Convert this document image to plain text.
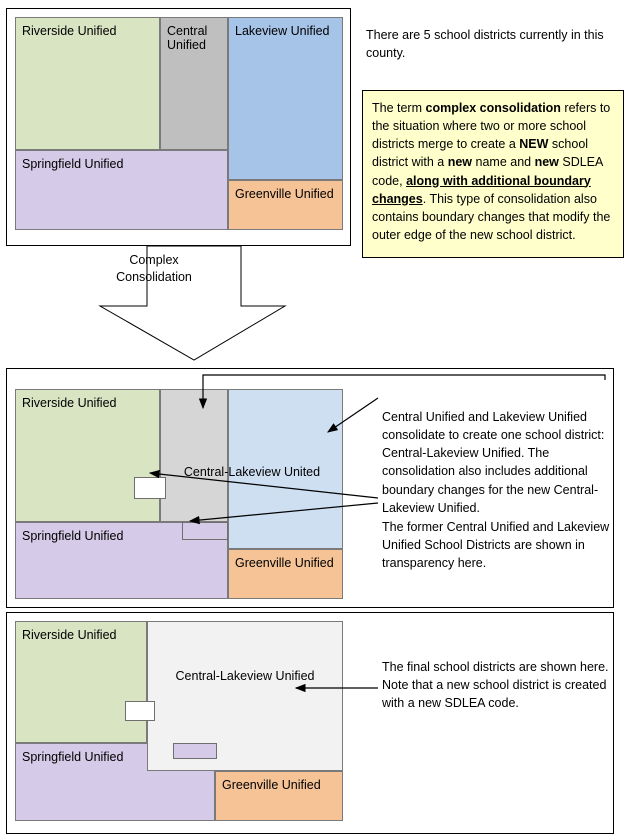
Riverside Unified	Central Unified
Lakeview Unified
Springfield Unified
Greenville Unified
There are 5 school districts currently in this county.
The term complex consolidation refers to the situation where two or more school districts merge to create a NEW school district with a new name and new SDLEA code, along with additional boundary changes. This type of consolidation also contains boundary changes that modify the outer edge of the new school district.
Complex
Consolidation
Riverside Unified
Springfield Unified
Greenville Unified
Central-Lakeview United
Central Unified and Lakeview Unified consolidate to create one school district: Central-Lakeview Unified. The consolidation also includes additional boundary changes for the new Central-Lakeview Unified.
The former Central Unified and Lakeview Unified School Districts are shown in transparency here.
Riverside Unified
Springfield Unified
Greenville Unified
Central-Lakeview Unified
The final school districts are shown here. Note that a new school district is created with a new SDLEA code.
